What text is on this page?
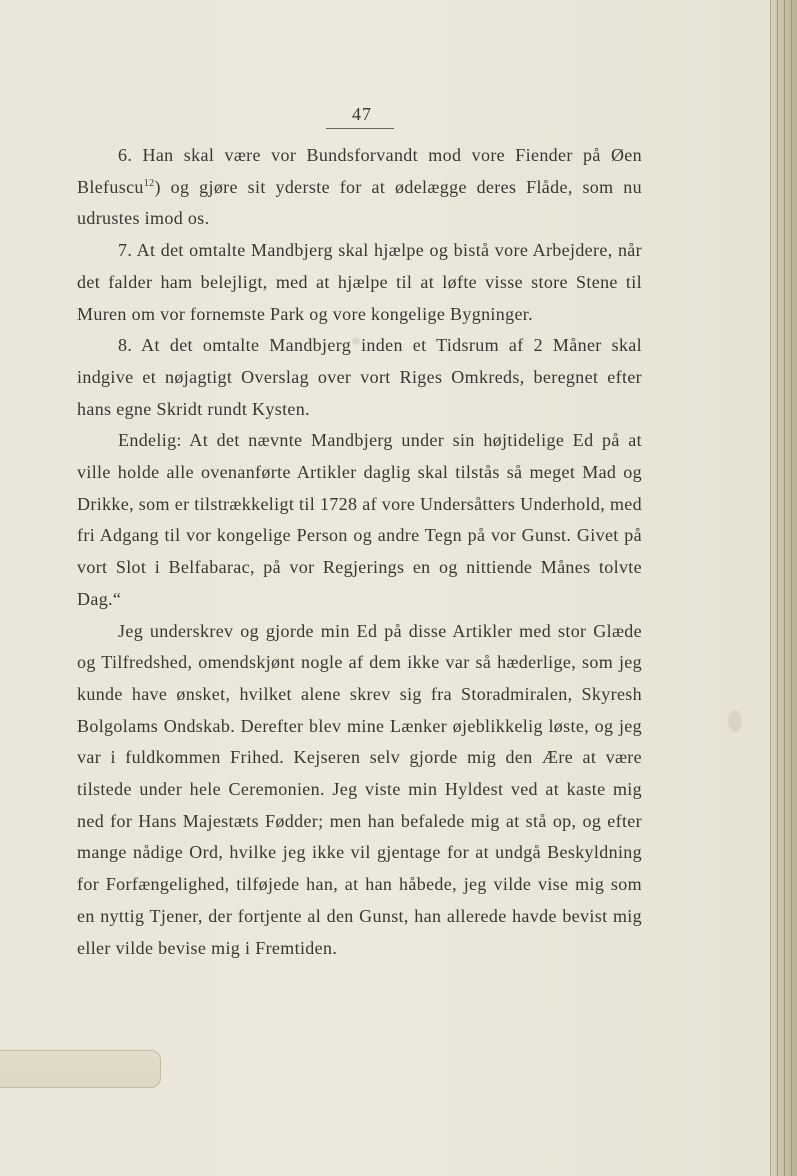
47

6. Han skal være vor Bundsforvandt mod vore Fiender på Øen Blefuscu$^{12}$) og gjøre sit yderste for at ødelægge deres Flåde, som nu udrustes imod os.

7. At det omtalte Mandbjerg skal hjælpe og bistå vore Arbejdere, når det falder ham belejligt, med at hjælpe til at løfte visse store Stene til Muren om vor fornemste Park og vore kongelige Bygninger.

8. At det omtalte Mandbjerg inden et Tidsrum af 2 Måner skal indgive et nøjagtigt Overslag over vort Riges Omkreds, beregnet efter hans egne Skridt rundt Kysten.

Endelig: At det nævnte Mandbjerg under sin højtidelige Ed på at ville holde alle ovenanførte Artikler daglig skal tilstås så meget Mad og Drikke, som er tilstrækkeligt til 1728 af vore Undersåtters Underhold, med fri Adgang til vor kongelige Person og andre Tegn på vor Gunst. Givet på vort Slot i Belfabarac, på vor Regjerings en og nittiende Månes tolvte Dag.“

Jeg underskrev og gjorde min Ed på disse Artikler med stor Glæde og Tilfredshed, omendskjønt nogle af dem ikke var så hæderlige, som jeg kunde have ønsket, hvilket alene skrev sig fra Storadmiralen, Skyresh Bolgolams Ondskab. Derefter blev mine Lænker øjeblikkelig løste, og jeg var i fuldkommen Frihed. Kejseren selv gjorde mig den Ære at være tilstede under hele Ceremonien. Jeg viste min Hyldest ved at kaste mig ned for Hans Majestæts Fødder; men han befalede mig at stå op, og efter mange nådige Ord, hvilke jeg ikke vil gjentage for at undgå Beskyldning for Forfængelighed, tilføjede han, at han håbede, jeg vilde vise mig som en nyttig Tjener, der fortjente al den Gunst, han allerede havde bevist mig eller vilde bevise mig i Fremtiden.
